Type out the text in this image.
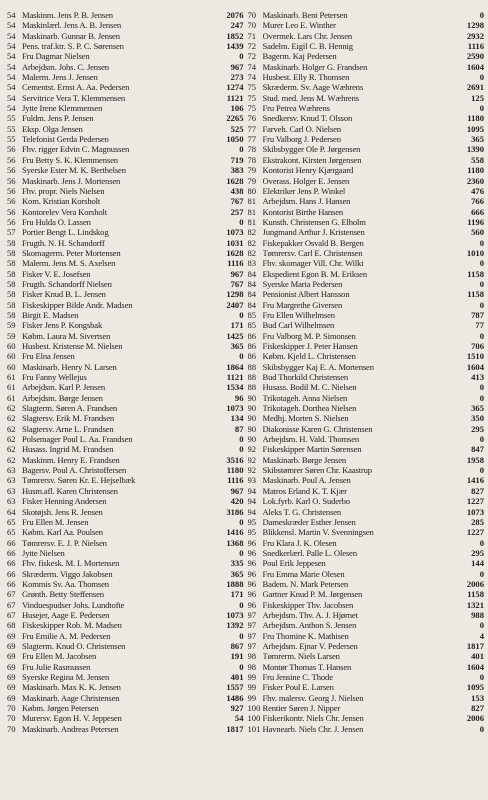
54 Maskinm. Jens P. B. Jensen	2076
54 Maskinlærl. Jens A. B. Jensen	247
54 Maskinarb. Gunnar B. Jensen	1852
54 Pens. traf.ktr. S. P. C. Sørensen	1439
54 Fru Dagmar Nielsen	0
54 Arbejdsm. Johs. C. Jensen	967
54 Malerm. Jens J. Jensen	273
54 Cementst. Ernst A. Aa. Pedersen	1274
54 Servitrice Vera T. Klemmensen	1121
54 Jytte Irene Klemmensen	106
55 Fuldm. Jens P. Jensen	2265
55 Eksp. Olga Jensen	525
55 Telefonist Gerda Pedersen	1050
56 Fhv. rigger Edvin C. Magnussen	0
56 Fru Betty S. K. Klemmensen	719
56 Syerske Ester M. K. Berthelsen	383
56 Maskinarb. Jens J. Mortensen	1628
56 Fhv. propr. Niels Nielsen	438
56 Kom. Kristian Korsholt	767
56 Kontorelev Vera Korsholt	257
56 Fru Hulda O. Lassen	0
57 Portier Bengt L. Lindskog	1073
58 Frugth. N. H. Schandorff	1031
58 Skomagerm. Peter Mortensen	1628
58 Malerm. Jens M. S. Axelsen	1116
58 Fisker V. E. Josefsen	967
58 Frugth. Schandorff Nielsen	767
58 Fisker Knud B. L. Jensen	1298
58 Fiskeskipper Bilde Andr. Madsen	2407
58 Birgit E. Madsen	0
59 Fisker Jens P. Kongsbak	171
59 Købm. Laura M. Sivertsen	1425
60 Husbest. Kristense M. Nielsen	365
60 Fru Elna Jensen	0
60 Maskinarb. Henry N. Larsen	1864
61 Fru Fanny Wellejus	1121
61 Arbejdsm. Karl P. Jensen	1534
61 Arbejdsm. Børge Jensen	96
62 Slagterm. Søren A. Frandsen	1073
62 Slagtersv. Erik M. Frandsen	134
62 Slagtersv. Arne L. Frandsen	87
62 Polsemager Poul L. Aa. Frandsen	0
62 Husass. Ingrid M. Frandsen	0
62 Maskinm. Henry E. Frandsen	3516
63 Bagersv. Poul A. Christoffersen	1180
63 Tømrersv. Søren Kr. E. Hejselbæk	1116
63 Husm.afl. Karen Christensen	967
63 Fisker Henning Andersen	420
64 Skotøjsh. Jens R. Jensen	3186
65 Fru Ellen M. Jensen	0
65 Købm. Karl Aa. Poulsen	1416
66 Tømrersv. E. J. P. Nielsen	1368
66 Jytte Nielsen	0
66 Fhv. fiskesk. M. I. Mortensen	335
66 Skræderm. Viggo Jakobsen	365
66 Kommis Sv. Aa. Thomsen	1888
67 Grønth. Betty Steffensen	171
67 Vinduespudser Johs. Lundtofte	0
67 Husejer, Aage E. Pedersen	1073
68 Fiskeskipper Rob. M. Madsen	1392
69 Fru Emilie A. M. Pedersen	0
69 Slagterm. Knud O. Christensen	867
69 Fru Ellen M. Jacobsen	191
69 Fru Julie Rasmussen	0
69 Syerske Regina M. Jensen	401
69 Maskinarb. Max K. K. Jensen	1557
69 Maskinarb. Aage Christensen	1486
70 Købm. Jørgen Petersen	927
70 Murersv. Egon H. V. Jeppesen	54
70 Maskinarb. Andreas Petersen	1817
70 Maskinarb. Bent Petersen	0
70 Murer Leo E. Winther	1298
71 Overmek. Lars Chr. Jensen	2932
72 Sadelm. Eigil C. B. Hennig	1116
72 Bagerm. Kaj Pedersen	2590
74 Maskinarb. Holger G. Frandsen	1604
74 Husbest. Elly R. Thomsen	0
75 Skræderm. Sv. Aage Wæhrens	2691
75 Stud. med. Jens M. Wæhrens	125
75 Fru Petrea Wæhrens	0
76 Snedkersv. Knud T. Olsson	1180
77 Farveh. Carl O. Nielsen	1095
77 Fru Valborg J. Pedersen	365
78 Skibsbygger Ole P. Jørgensen	1390
78 Ekstrakont. Kirsten Jørgensen	558
79 Kontorist Henry Kjærgaard	1180
79 Overass. Holger E. Jensen	2360
80 Elektriker Jens P. Winkel	476
81 Arbejdsm. Hans J. Hansen	766
81 Kontorist Birthe Hansen	666
81 Kunsth. Christensen G. Elholm	1196
82 Jungmand Arthur J. Kristensen	560
82 Fiskepakker Osvald B. Bergen	0
82 Tømrersv. Carl E. Christensen	1010
83 Fhv. skomager Vill. Chr. Wilki	0
84 Ekspedient Egon B. M. Eriksen	1158
84 Syerske Maria Pedersen	0
84 Pensionist Albert Hansson	1158
84 Fru Margrethe Giversen	0
85 Fru Ellen Wilhelmsen	787
85 Bud Carl Wilhelmsen	77
86 Fru Valborg M. P. Simonsen	0
86 Fiskeskipper J. Peter Hansen	706
86 Købm. Kjeld L. Christensen	1510
88 Skibsbygger Kaj E. A. Mortensen	1604
88 Bud Thorkild Christensen	413
88 Husass. Bodil M. C. Nielsen	0
90 Trikotageh. Anna Nielsen	0
90 Trikotageh. Dorthea Nielsen	365
90 Medhj. Morten S. Nielsen	350
90 Diakonisse Karen G. Christensen	295
90 Arbejdsm. H. Vald. Thomsen	0
92 Fiskeskipper Martin Sørensen	847
92 Maskinarb. Børge Jensen	1958
92 Skibstømrer Søren Chr. Kaastrup	0
93 Maskinarb. Poul A. Jensen	1416
94 Matros Erland K. T. Kjær	827
94 Lok.fyrb. Karl O. Suderbo	1227
94 Aleks T. G. Christensen	1073
95 Dameskræder Esther Jensen	285
95 Blikkensl. Martin V. Svenningsen	1227
96 Fru Klara J. K. Olesen	0
96 Snedkerlærl. Palle L. Olesen	295
96 Poul Erik Jeppesen	144
96 Fru Emma Marie Olesen	0
96 Badem. N. Mark Petersen	2006
96 Gartner Knud P. M. Jørgensen	1158
96 Fiskeskipper Thv. Jacobsen	1321
97 Arbejdsm. Thv. A. J. Hjørnet	988
97 Arbejdsm. Anthon S. Jensen	0
97 Fru Thomine K. Mathisen	4
97 Arbejdsm. Ejnar V. Pedersen	1817
98 Tømrerm. Niels Larsen	401
98 Montør Thomas T. Hansen	1604
99 Fru Jensine C. Thode	0
99 Fisker Poul E. Larsen	1095
99 Fhv. malersv. Georg J. Nielsen	153
100 Rentier Søren J. Nipper	827
100 Fiskerikontr. Niels Chr. Jensen	2006
101 Havnearb. Niels Chr. J. Jensen	0
